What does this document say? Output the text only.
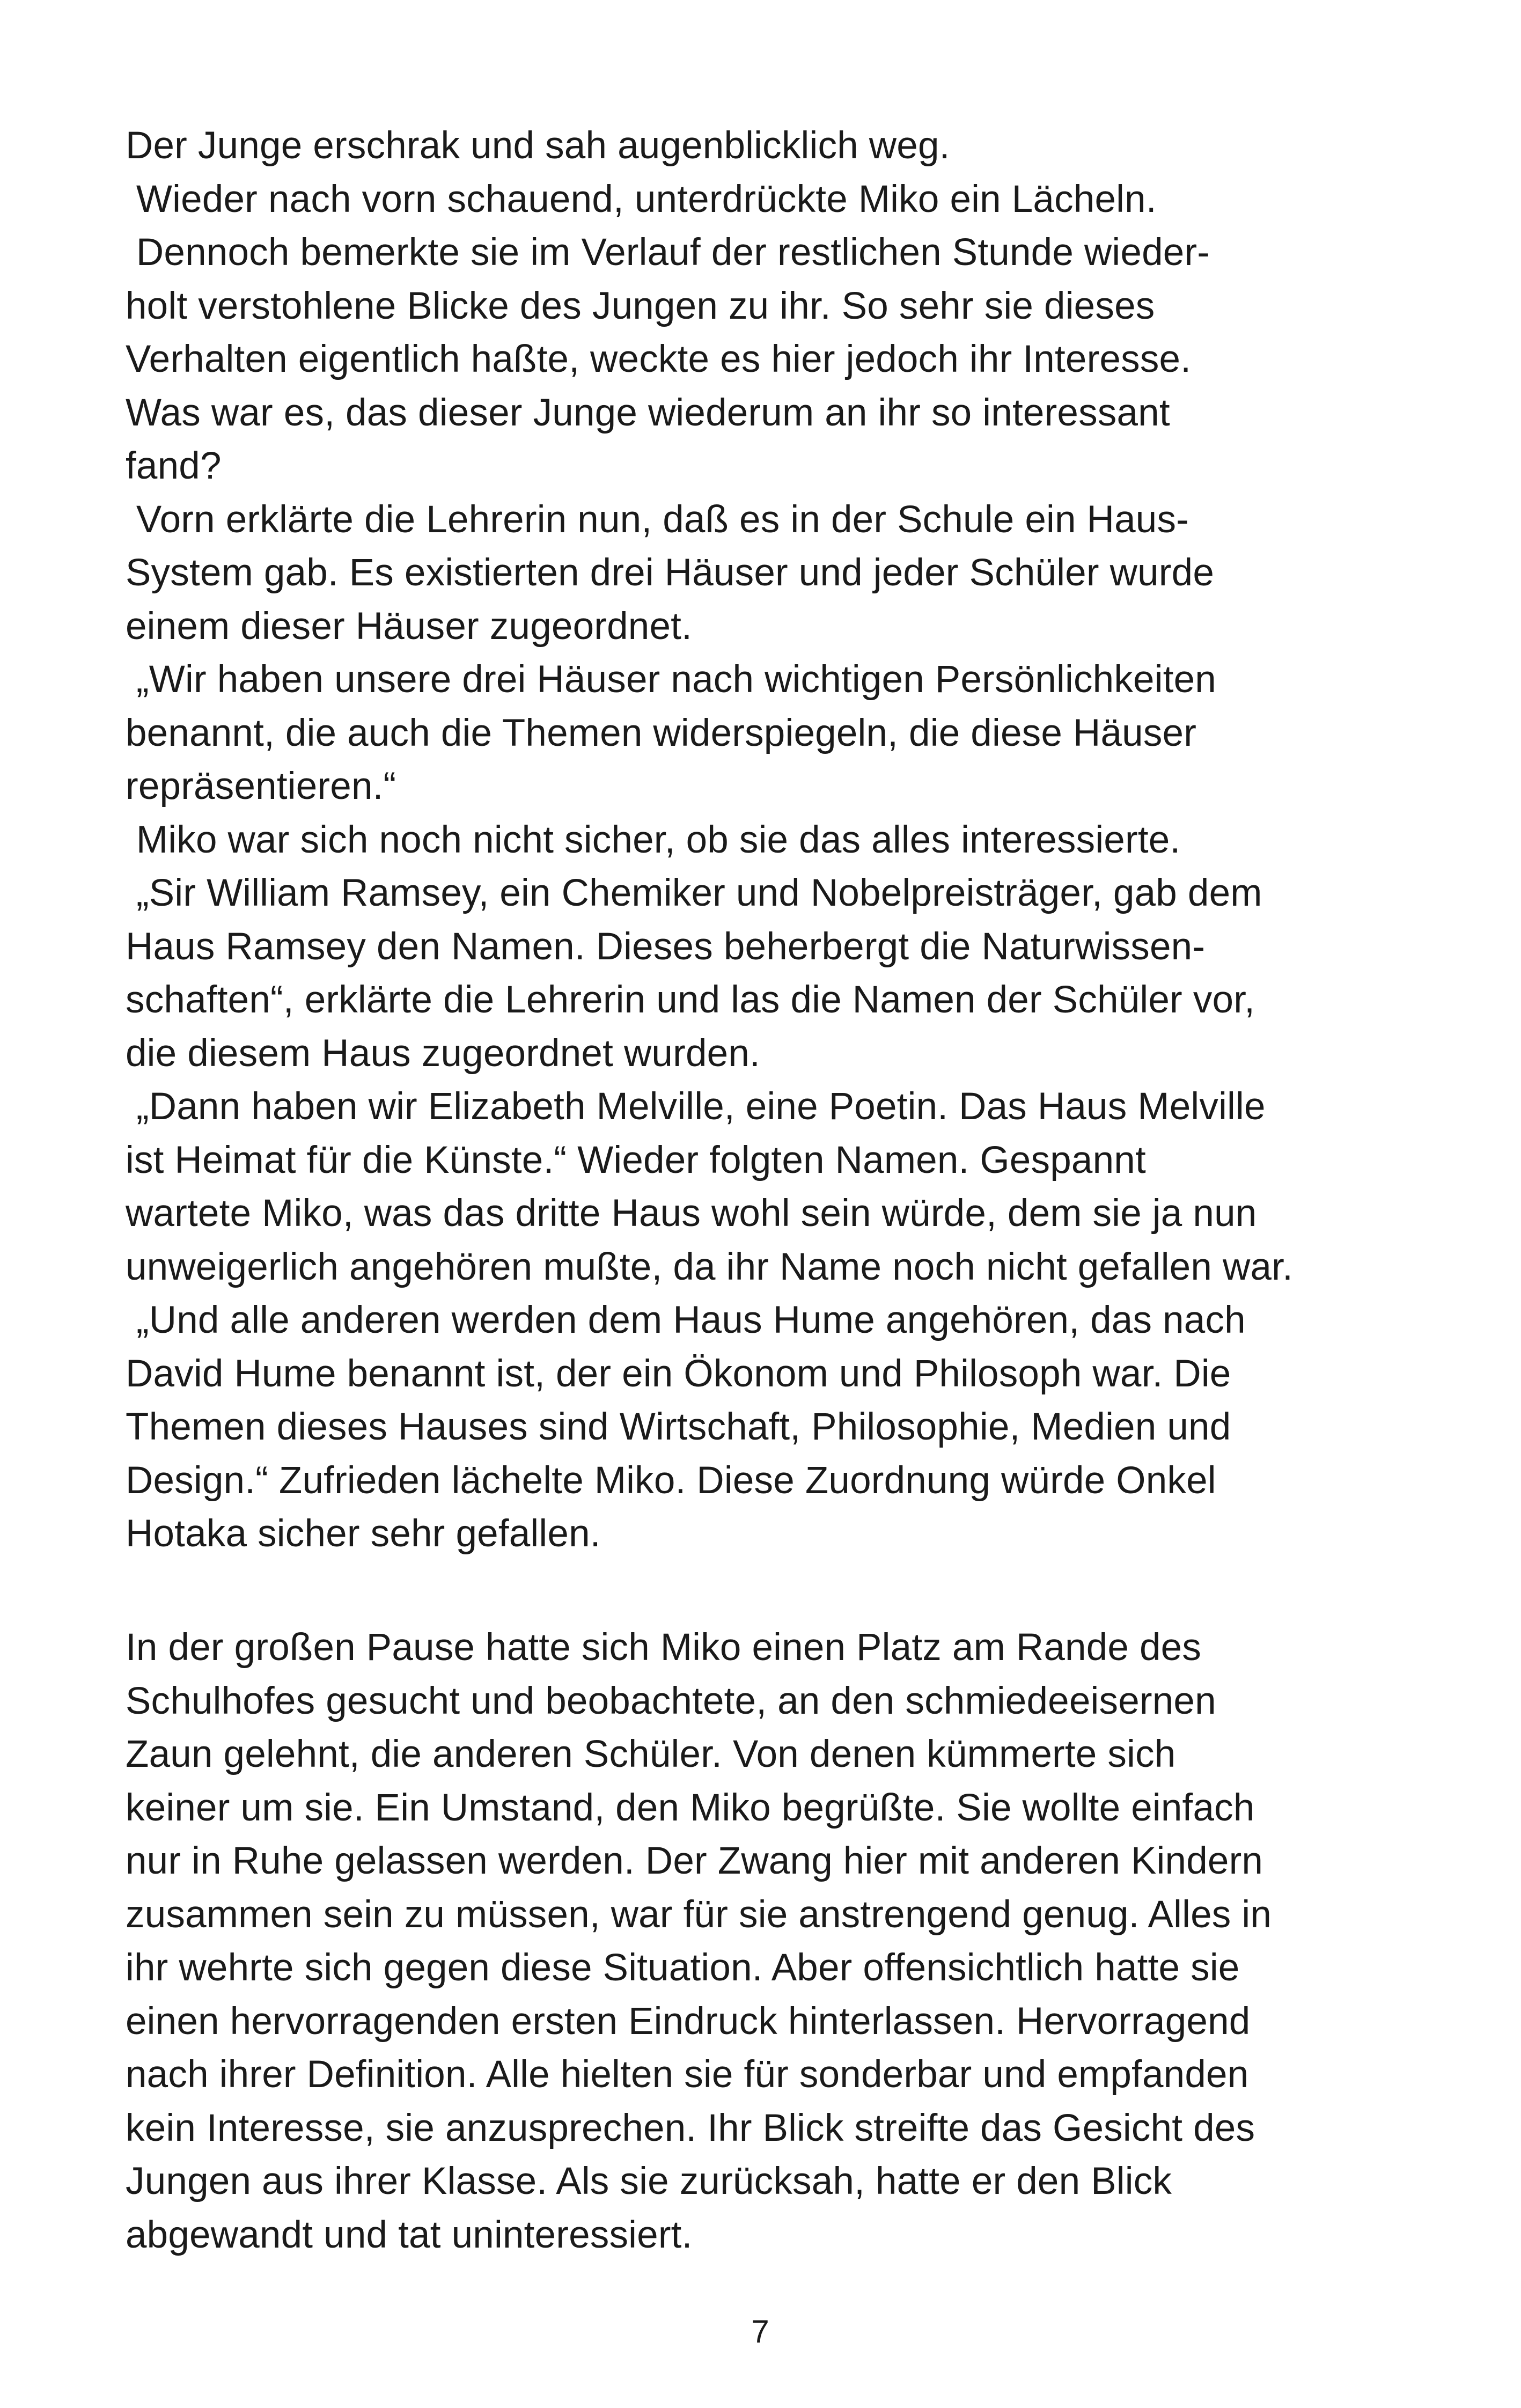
Der Junge erschrak und sah augenblicklich weg.
Wieder nach vorn schauend, unterdrückte Miko ein Lächeln.
Dennoch bemerkte sie im Verlauf der restlichen Stunde wieder-
holt verstohlene Blicke des Jungen zu ihr. So sehr sie dieses
Verhalten eigentlich haßte, weckte es hier jedoch ihr Interesse.
Was war es, das dieser Junge wiederum an ihr so interessant
fand?
Vorn erklärte die Lehrerin nun, daß es in der Schule ein Haus-
System gab. Es existierten drei Häuser und jeder Schüler wurde
einem dieser Häuser zugeordnet.
„Wir haben unsere drei Häuser nach wichtigen Persönlichkeiten
benannt, die auch die Themen widerspiegeln, die diese Häuser
repräsentieren.“
Miko war sich noch nicht sicher, ob sie das alles interessierte.
„Sir William Ramsey, ein Chemiker und Nobelpreisträger, gab dem
Haus Ramsey den Namen. Dieses beherbergt die Naturwissen-
schaften“, erklärte die Lehrerin und las die Namen der Schüler vor,
die diesem Haus zugeordnet wurden.
„Dann haben wir Elizabeth Melville, eine Poetin. Das Haus Melville
ist Heimat für die Künste.“ Wieder folgten Namen. Gespannt
wartete Miko, was das dritte Haus wohl sein würde, dem sie ja nun
unweigerlich angehören mußte, da ihr Name noch nicht gefallen war.
„Und alle anderen werden dem Haus Hume angehören, das nach
David Hume benannt ist, der ein Ökonom und Philosoph war. Die
Themen dieses Hauses sind Wirtschaft, Philosophie, Medien und
Design.“ Zufrieden lächelte Miko. Diese Zuordnung würde Onkel
Hotaka sicher sehr gefallen.
In der großen Pause hatte sich Miko einen Platz am Rande des
Schulhofes gesucht und beobachtete, an den schmiedeeisernen
Zaun gelehnt, die anderen Schüler. Von denen kümmerte sich
keiner um sie. Ein Umstand, den Miko begrüßte. Sie wollte einfach
nur in Ruhe gelassen werden. Der Zwang hier mit anderen Kindern
zusammen sein zu müssen, war für sie anstrengend genug. Alles in
ihr wehrte sich gegen diese Situation. Aber offensichtlich hatte sie
einen hervorragenden ersten Eindruck hinterlassen. Hervorragend
nach ihrer Definition. Alle hielten sie für sonderbar und empfanden
kein Interesse, sie anzusprechen. Ihr Blick streifte das Gesicht des
Jungen aus ihrer Klasse. Als sie zurücksah, hatte er den Blick
abgewandt und tat uninteressiert.
7
